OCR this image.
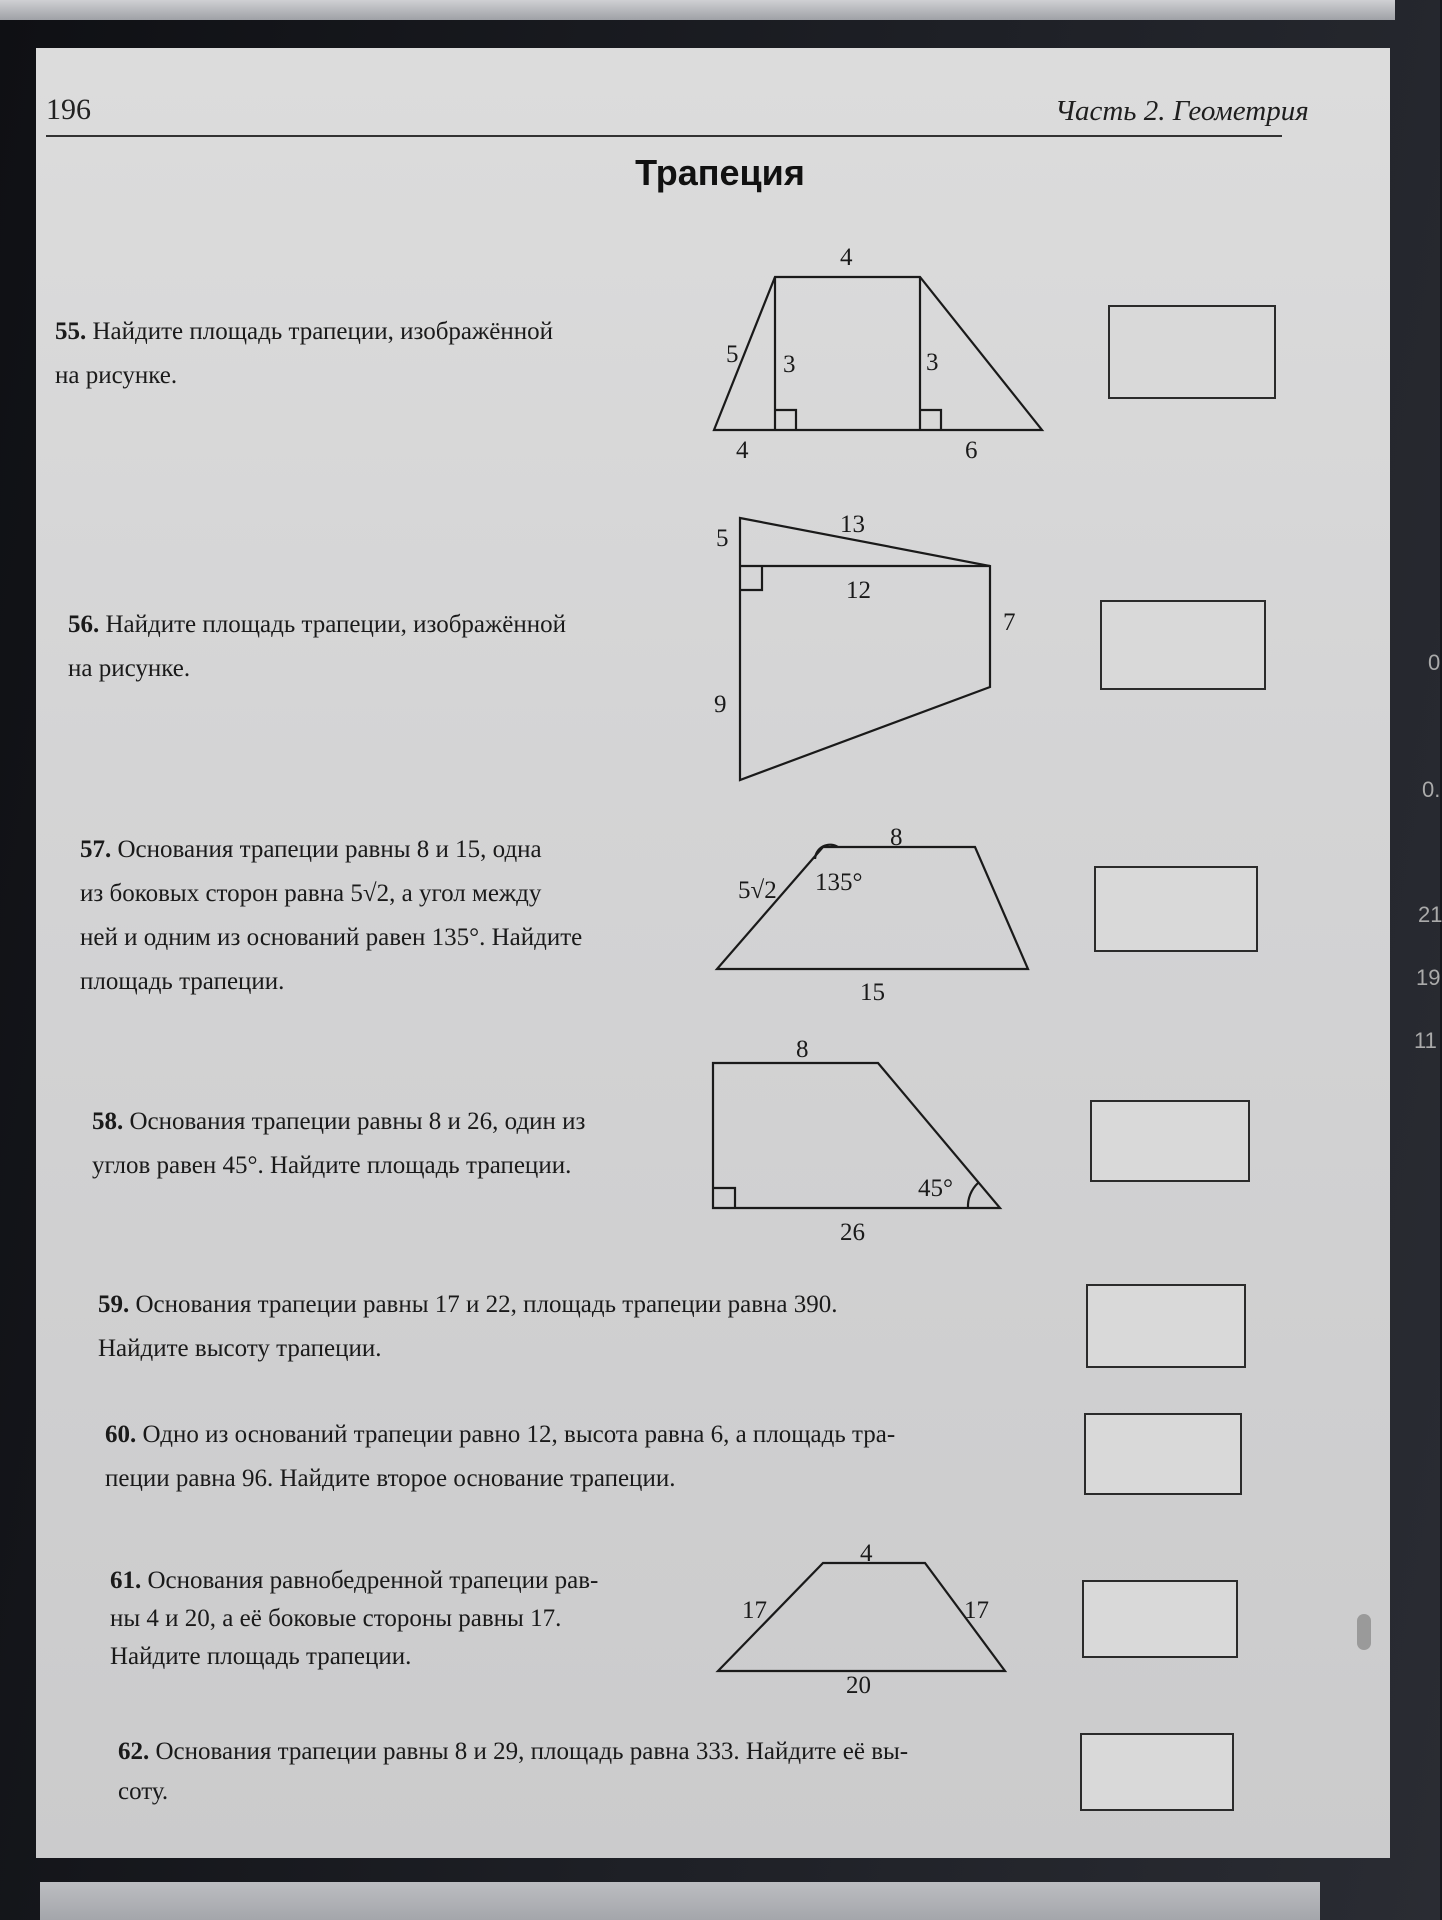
196	Часть 2. Геометрия
Трапеция
55. Найдите площадь трапеции, изображённой
на рисунке.
56. Найдите площадь трапеции, изображённой
на рисунке.
57. Основания трапеции равны 8 и 15, одна
из боковых сторон равна 5√2, а угол между
ней и одним из оснований равен 135°. Найдите
площадь трапеции.
58. Основания трапеции равны 8 и 26, один из
углов равен 45°. Найдите площадь трапеции.
59. Основания трапеции равны 17 и 22, площадь трапеции равна 390.
Найдите высоту трапеции.
60. Одно из оснований трапеции равно 12, высота равна 6, а площадь тра-
пеции равна 96. Найдите второе основание трапеции.
61. Основания равнобедренной трапеции рав-
ны 4 и 20, а её боковые стороны равны 17.
Найдите площадь трапеции.
62. Основания трапеции равны 8 и 29, площадь равна 333. Найдите её вы-
соту.
4
5 3	3
4	6
5
13
12
7
9
8
5√2 135°
15
8
45°
26
4
17	17
20
0
0.
21
19
11
